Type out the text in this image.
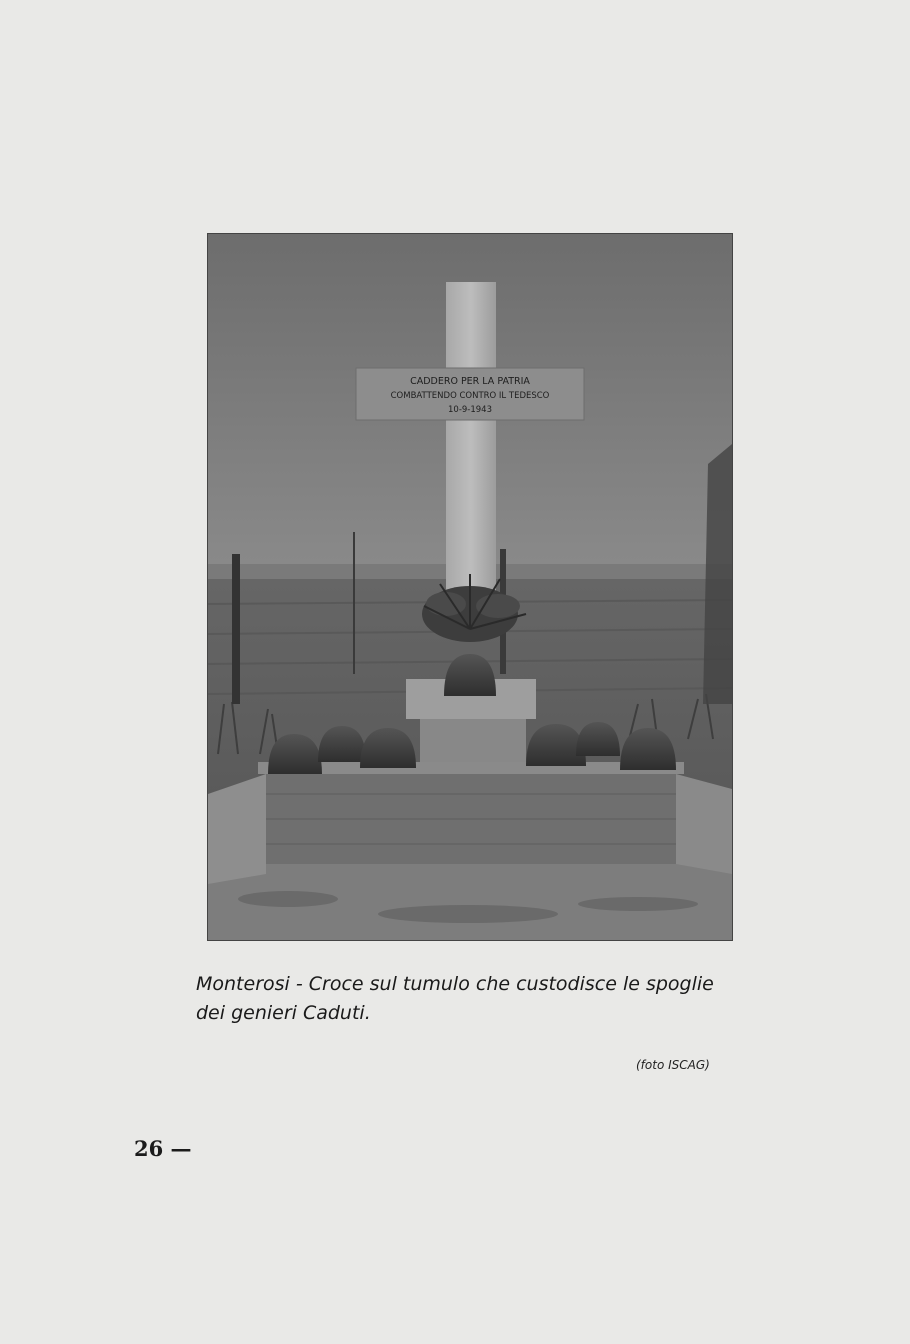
CADDERO PER LA PATRIA
COMBATTENDO CONTRO IL TEDESCO
10-9-1943
Monterosi - Croce sul tumulo che custodisce le spoglie
dei genieri Caduti.
(foto ISCAG)
26 —
